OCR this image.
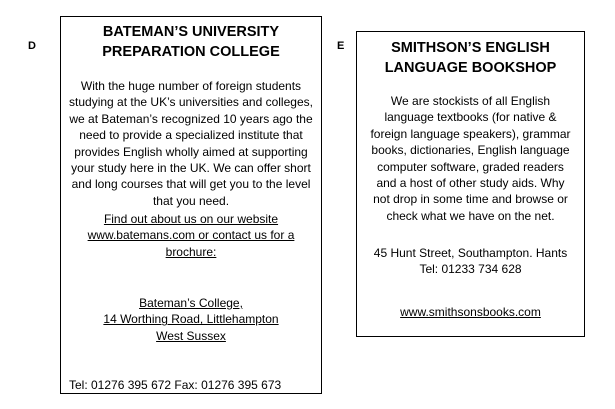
D	E
BATEMAN’S UNIVERSITY
PREPARATION COLLEGE
With the huge number of foreign students
studying at the UK’s universities and colleges,
we at Bateman’s recognized 10 years ago the
need to provide a specialized institute that
provides English wholly aimed at supporting
your study here in the UK. We can offer short
and long courses that will get you to the level
that you need.
Find out about us on our website
www.batemans.com or contact us for a
brochure:
Bateman’s College,
14 Worthing Road, Littlehampton
West Sussex
Tel: 01276 395 672 Fax: 01276 395 673
SMITHSON’S ENGLISH
LANGUAGE BOOKSHOP
We are stockists of all English
language textbooks (for native &
foreign language speakers), grammar
books, dictionaries, English language
computer software, graded readers
and a host of other study aids. Why
not drop in some time and browse or
check what we have on the net.
45 Hunt Street, Southampton. Hants
Tel: 01233 734 628
www.smithsonsbooks.com
